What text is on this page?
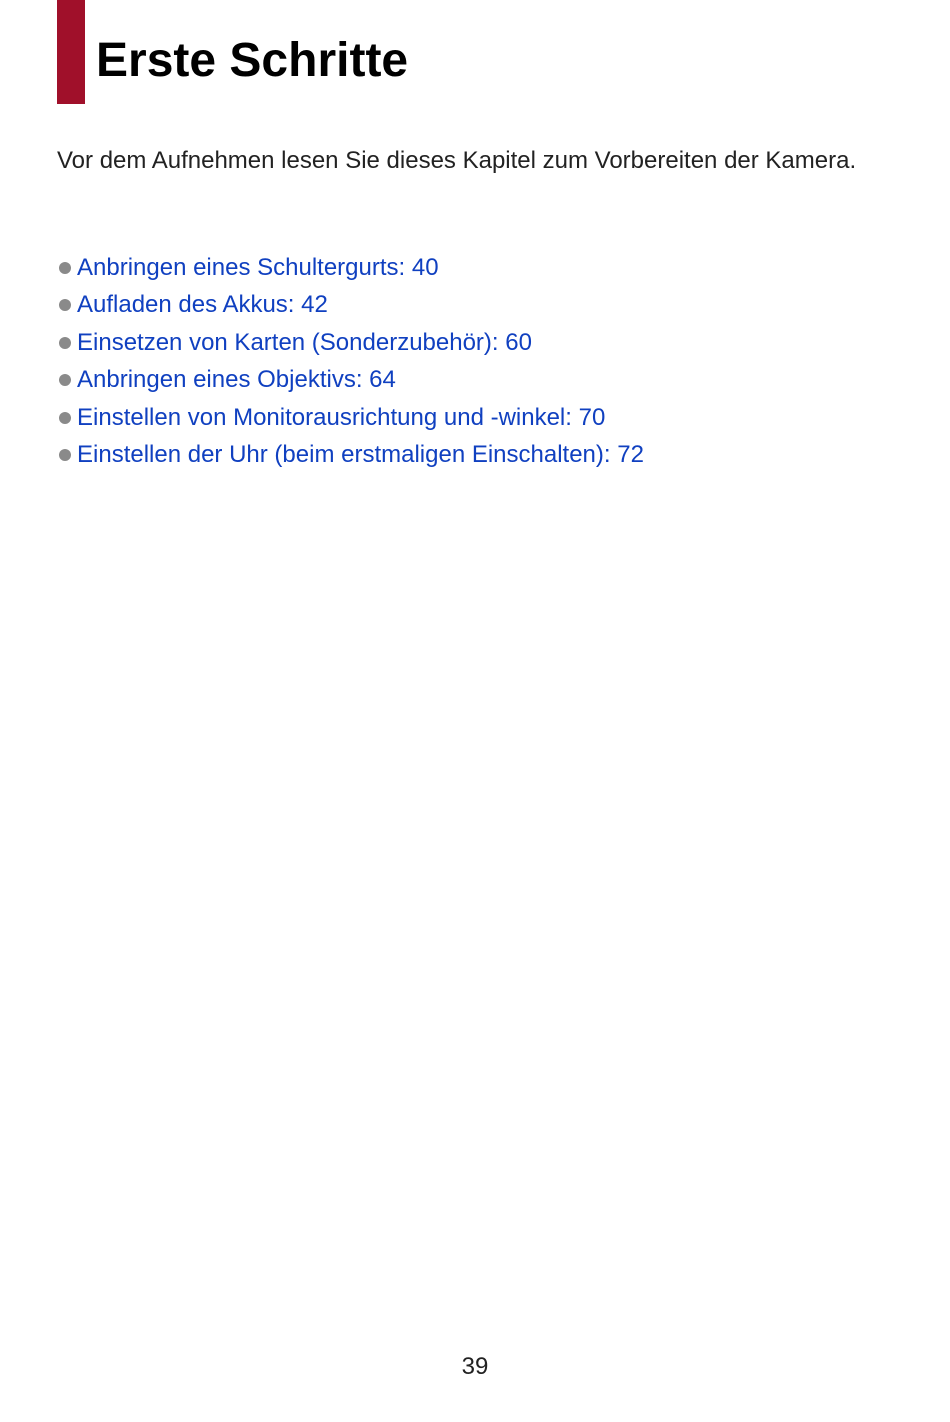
Erste Schritte

Vor dem Aufnehmen lesen Sie dieses Kapitel zum Vorbereiten der Kamera.

Anbringen eines Schultergurts: 40
Aufladen des Akkus: 42
Einsetzen von Karten (Sonderzubehör): 60
Anbringen eines Objektivs: 64
Einstellen von Monitorausrichtung und -winkel: 70
Einstellen der Uhr (beim erstmaligen Einschalten): 72
39
